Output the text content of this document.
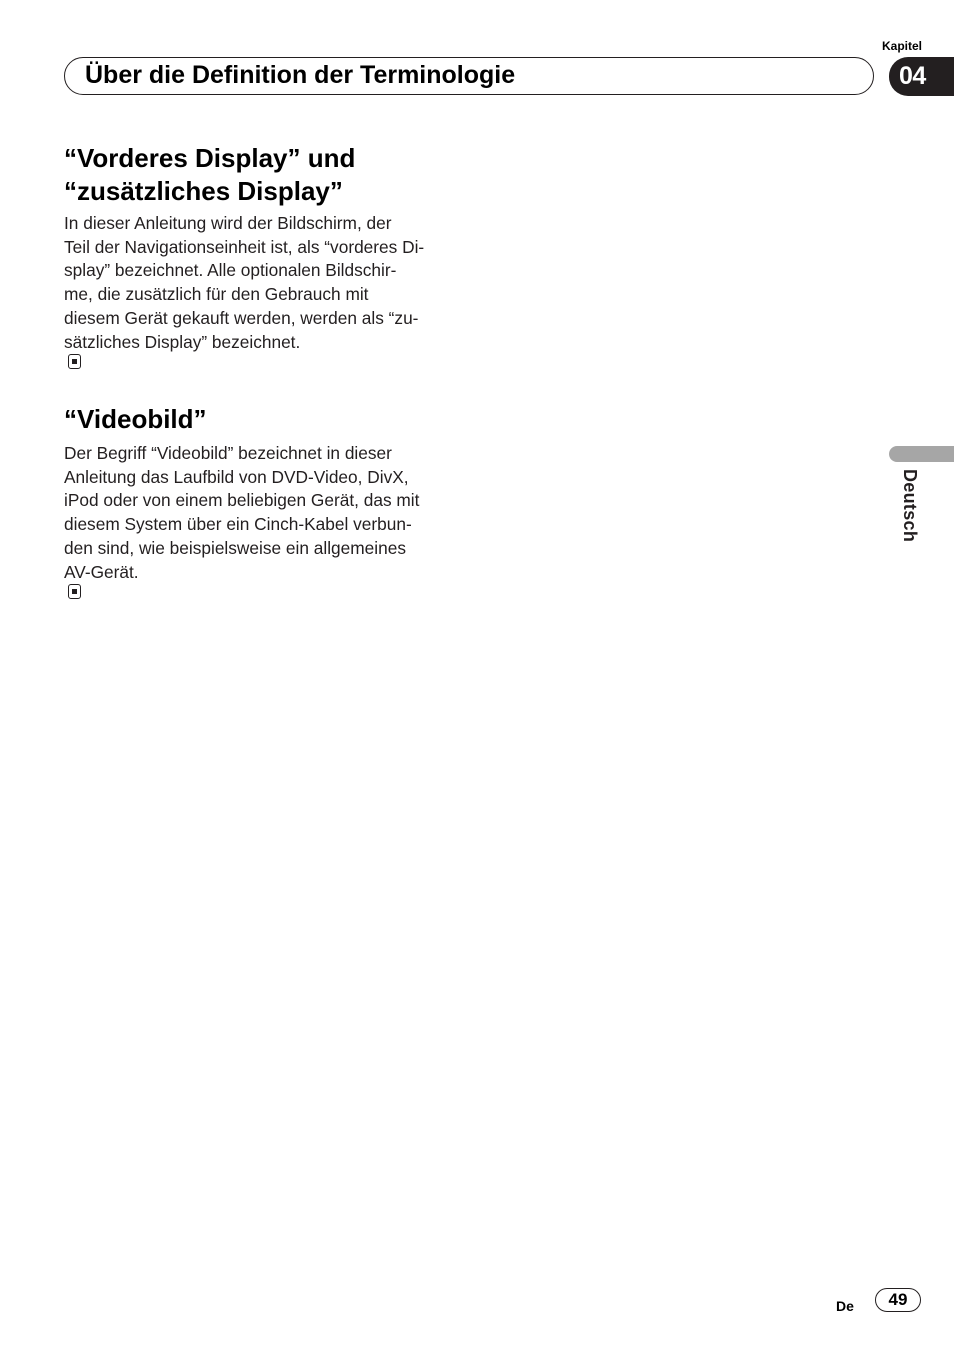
Kapitel
04
Über die Definition der Terminologie
“Vorderes Display” und
“zusätzliches Display”
In dieser Anleitung wird der Bildschirm, der
Teil der Navigationseinheit ist, als “vorderes Di-
splay” bezeichnet. Alle optionalen Bildschir-
me, die zusätzlich für den Gebrauch mit
diesem Gerät gekauft werden, werden als “zu-
sätzliches Display” bezeichnet.
“Videobild”
Der Begriff “Videobild” bezeichnet in dieser
Anleitung das Laufbild von DVD-Video, DivX,
iPod oder von einem beliebigen Gerät, das mit
diesem System über ein Cinch-Kabel verbun-
den sind, wie beispielsweise ein allgemeines
AV-Gerät.
Deutsch
De	49
